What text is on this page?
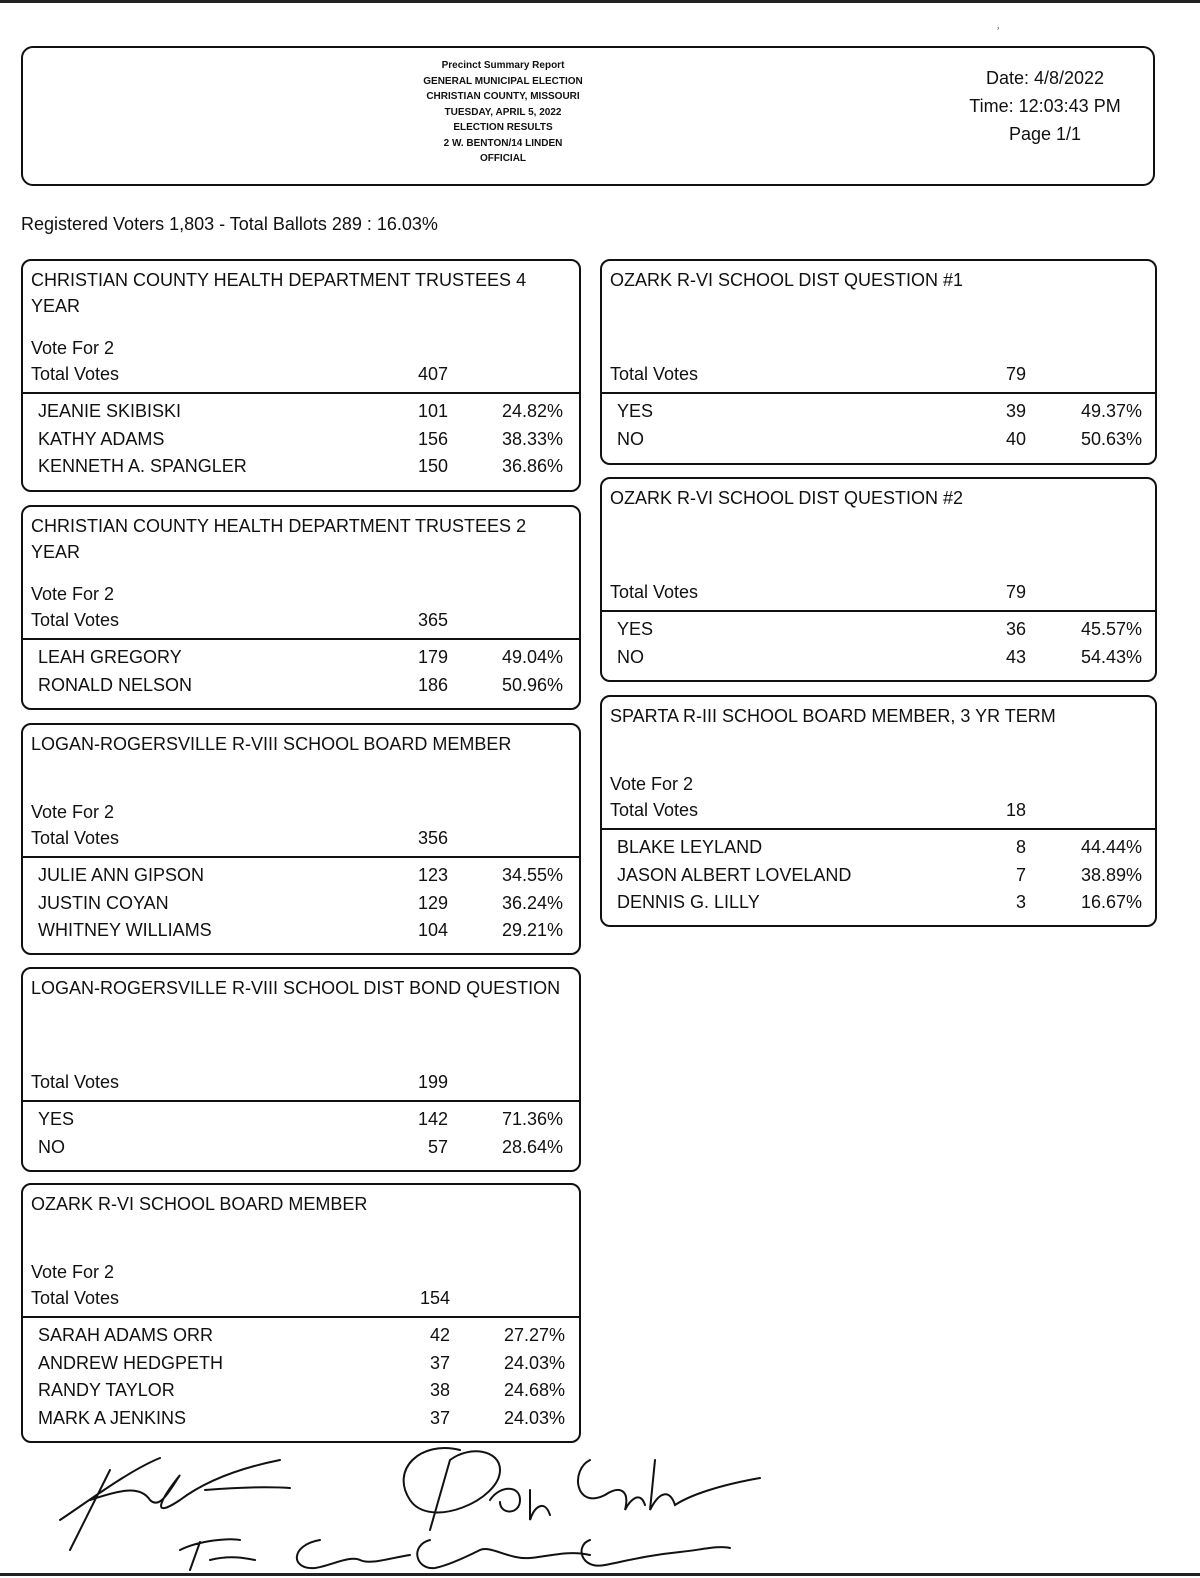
˒
Precinct Summary Report
GENERAL MUNICIPAL ELECTION
CHRISTIAN COUNTY, MISSOURI
TUESDAY, APRIL 5, 2022
ELECTION RESULTS
2 W. BENTON/14 LINDEN
OFFICIAL
Date: 4/8/2022
Time: 12:03:43 PM
Page 1/1
Registered Voters 1,803 - Total Ballots 289 : 16.03%
CHRISTIAN COUNTY HEALTH DEPARTMENT TRUSTEES 4 YEAR
Vote For 2
Total Votes	407
JEANIE SKIBISKI	101	24.82%
KATHY ADAMS	156	38.33%
KENNETH A. SPANGLER	150	36.86%
CHRISTIAN COUNTY HEALTH DEPARTMENT TRUSTEES 2 YEAR
Vote For 2
Total Votes	365
LEAH GREGORY	179	49.04%
RONALD NELSON	186	50.96%
LOGAN-ROGERSVILLE R-VIII SCHOOL BOARD MEMBER
Vote For 2
Total Votes	356
JULIE ANN GIPSON	123	34.55%
JUSTIN COYAN	129	36.24%
WHITNEY WILLIAMS	104	29.21%
LOGAN-ROGERSVILLE R-VIII SCHOOL DIST BOND QUESTION
Total Votes	199
YES	142	71.36%
NO	57	28.64%
OZARK R-VI SCHOOL BOARD MEMBER
Vote For 2
Total Votes	154
SARAH ADAMS ORR	42	27.27%
ANDREW HEDGPETH	37	24.03%
RANDY TAYLOR	38	24.68%
MARK A JENKINS	37	24.03%
OZARK R-VI SCHOOL DIST QUESTION #1
Total Votes	79
YES	39	49.37%
NO	40	50.63%
OZARK R-VI SCHOOL DIST QUESTION #2
Total Votes	79
YES	36	45.57%
NO	43	54.43%
SPARTA R-III SCHOOL BOARD MEMBER, 3 YR TERM
Vote For 2
Total Votes	18
BLAKE LEYLAND	8	44.44%
JASON ALBERT LOVELAND	7	38.89%
DENNIS G. LILLY	3	16.67%
